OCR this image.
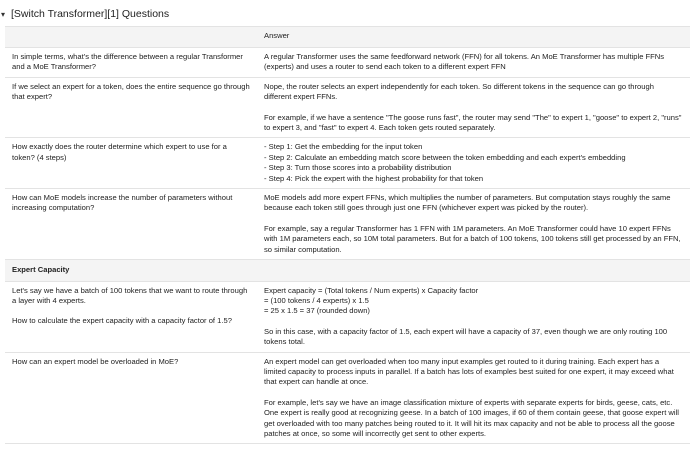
▾ [Switch Transformer][1] Questions
	Answer

In simple terms, what's the difference between a regular Transformer and a MoE Transformer?	A regular Transformer uses the same feedforward network (FFN) for all tokens. An MoE Transformer has multiple FFNs (experts) and uses a router to send each token to a different expert FFN

If we select an expert for a token, does the entire sequence go through that expert?	Nope, the router selects an expert independently for each token. So different tokens in the sequence can go through different expert FFNs.
For example, if we have a sentence "The goose runs fast", the router may send "The" to expert 1, "goose" to expert 2, "runs" to expert 3, and "fast" to expert 4. Each token gets routed separately.

How exactly does the router determine which expert to use for a token? (4 steps)	- Step 1: Get the embedding for the input token
- Step 2: Calculate an embedding match score between the token embedding and each expert's embedding
- Step 3: Turn those scores into a probability distribution
- Step 4: Pick the expert with the highest probability for that token

How can MoE models increase the number of parameters without increasing computation?	MoE models add more expert FFNs, which multiplies the number of parameters. But computation stays roughly the same because each token still goes through just one FFN (whichever expert was picked by the router).
For example, say a regular Transformer has 1 FFN with 1M parameters. An MoE Transformer could have 10 expert FFNs with 1M parameters each, so 10M total parameters. But for a batch of 100 tokens, 100 tokens still get processed by an FFN, so similar computation.

Expert Capacity	

Let's say we have a batch of 100 tokens that we want to route through a layer with 4 experts.
How to calculate the expert capacity with a capacity factor of 1.5?	Expert capacity = (Total tokens / Num experts) x Capacity factor
= (100 tokens / 4 experts) x 1.5
= 25 x 1.5 = 37 (rounded down)
So in this case, with a capacity factor of 1.5, each expert will have a capacity of 37, even though we are only routing 100 tokens total.

How can an expert model be overloaded in MoE?	An expert model can get overloaded when too many input examples get routed to it during training. Each expert has a limited capacity to process inputs in parallel. If a batch has lots of examples best suited for one expert, it may exceed what that expert can handle at once.
For example, let's say we have an image classification mixture of experts with separate experts for birds, geese, cats, etc. One expert is really good at recognizing geese. In a batch of 100 images, if 60 of them contain geese, that goose expert will get overloaded with too many patches being routed to it. It will hit its max capacity and not be able to process all the goose patches at once, so some will incorrectly get sent to other experts.
